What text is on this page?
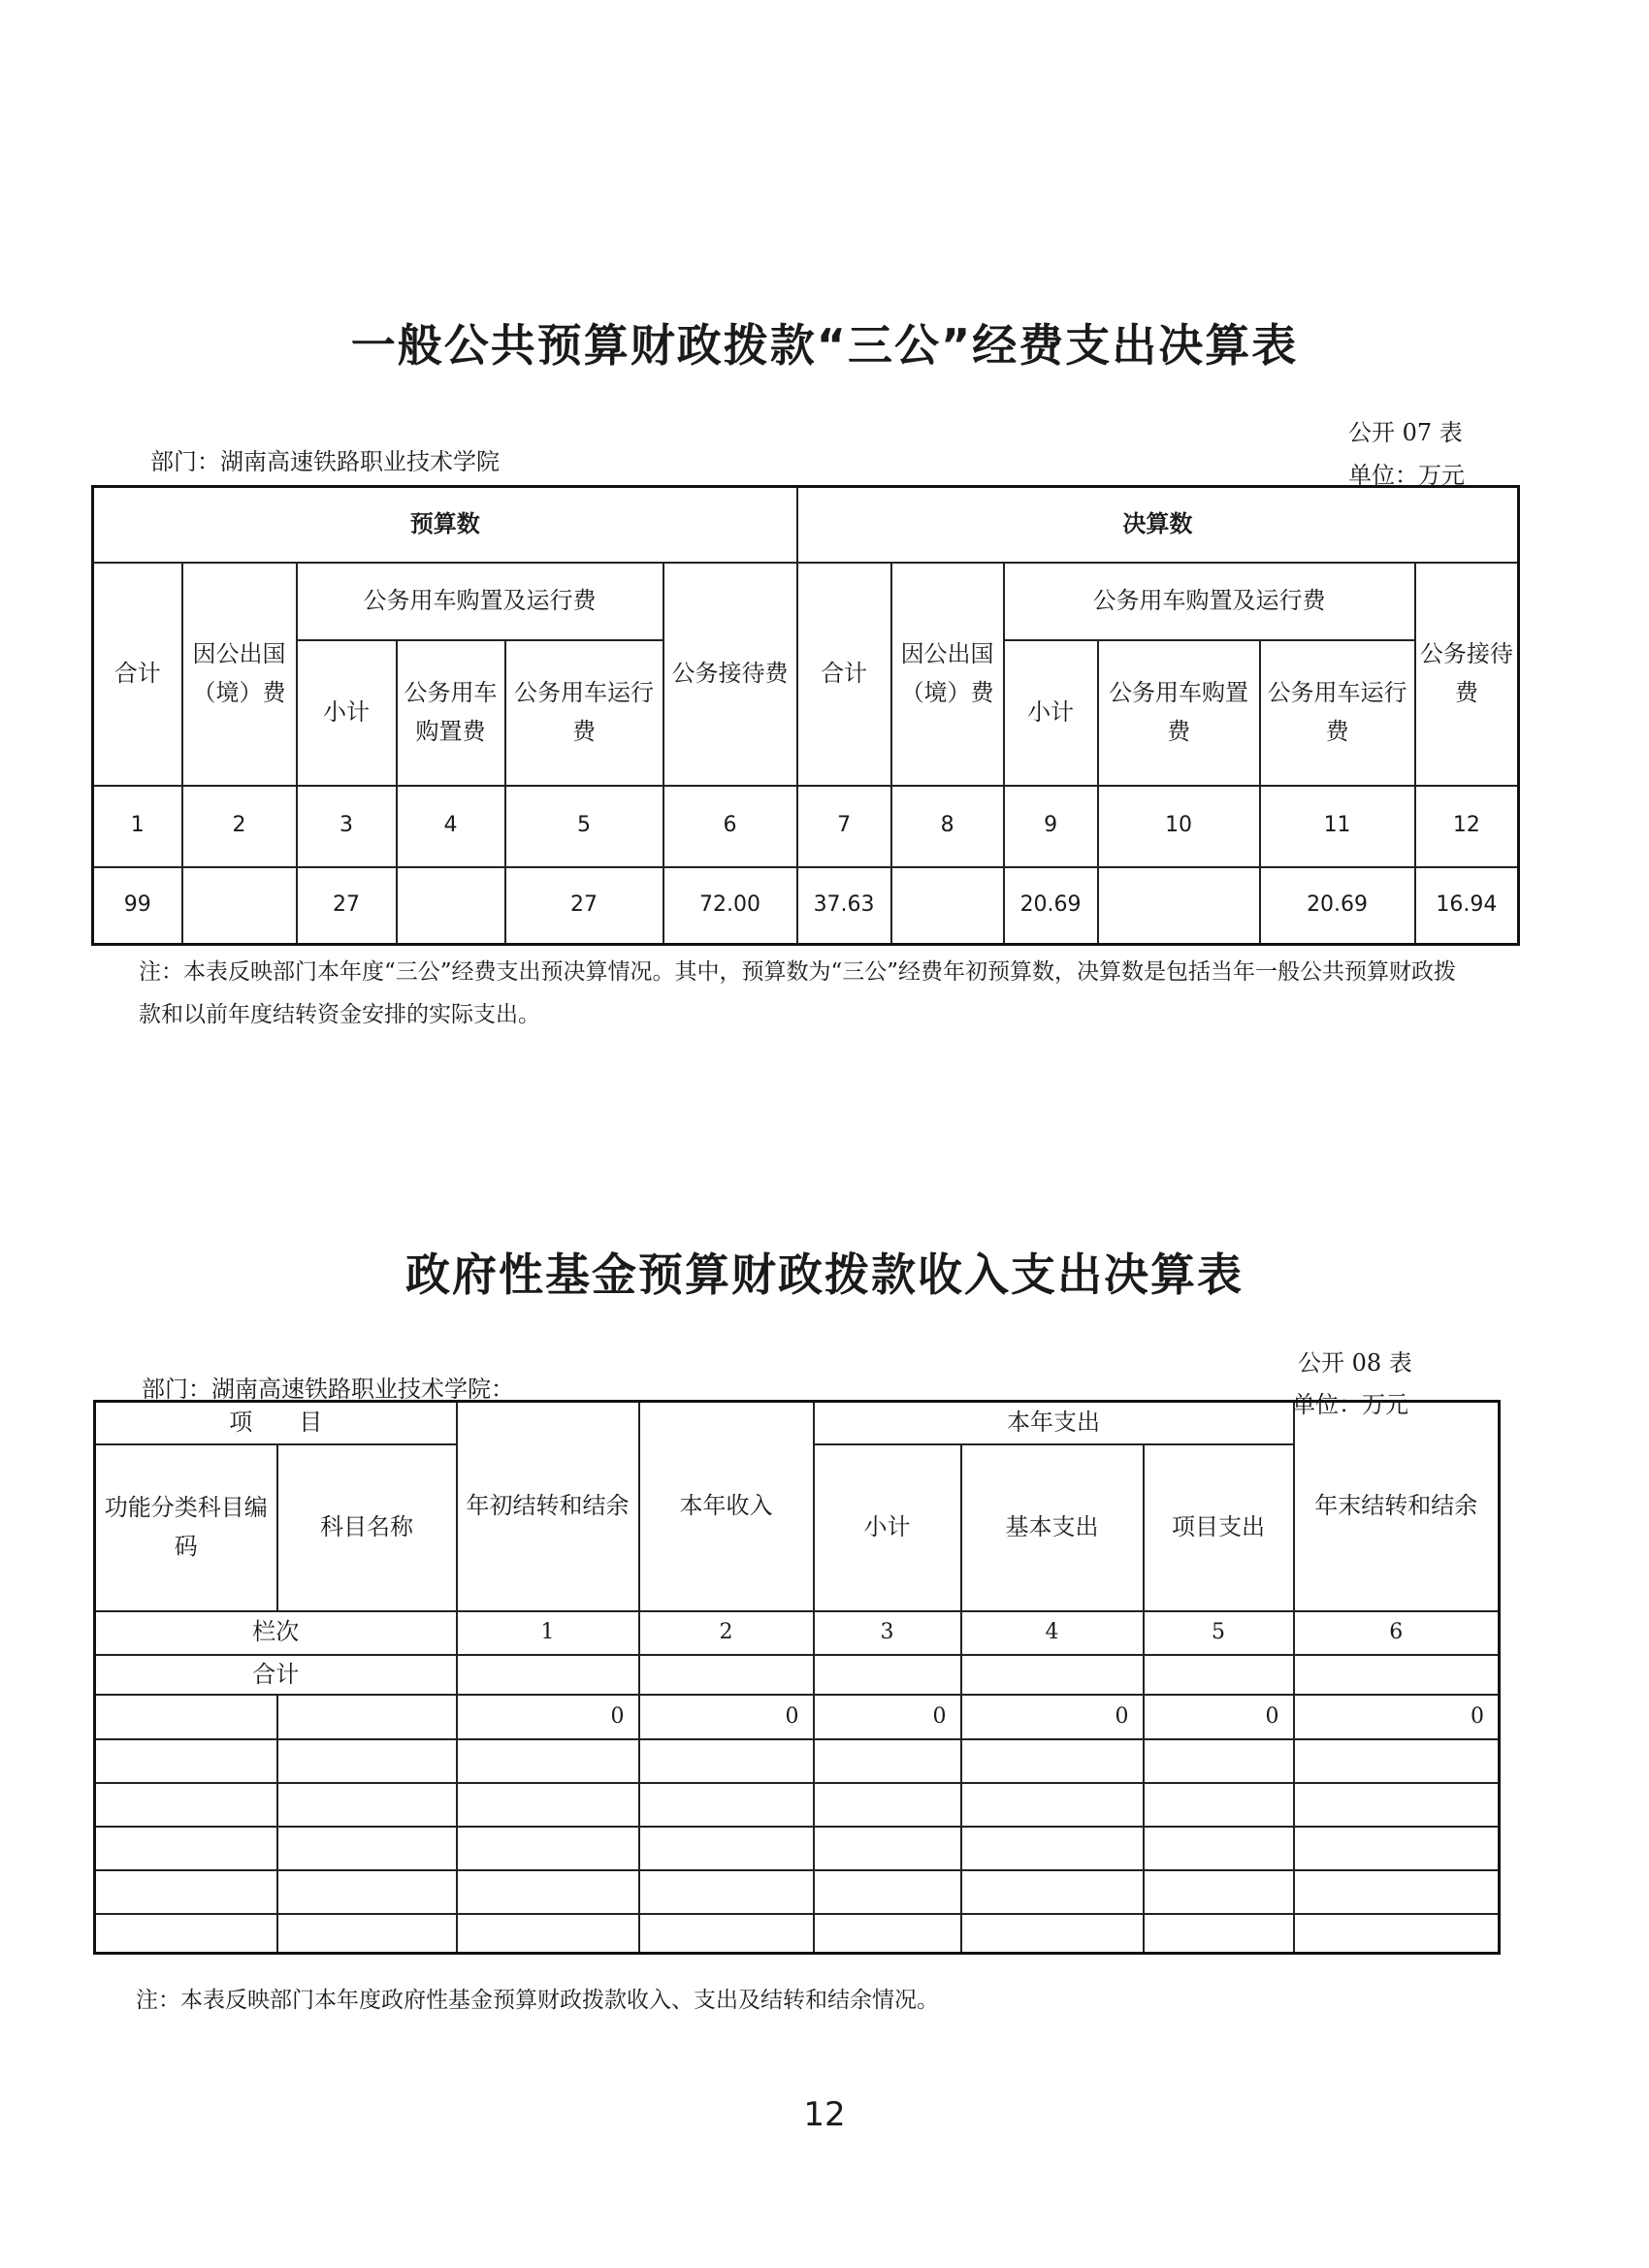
一般公共预算财政拨款“三公”经费支出决算表
公开 07 表
部门：湖南高速铁路职业技术学院	单位：万元
预算数						决算数					
合计	因公出国（境）费	公务用车购置及运行费			公务接待费	合计	因公出国（境）费	公务用车购置及运行费			公务接待费
		小计	公务用车购置费	公务用车运行费				小计	公务用车购置费	公务用车运行费	
1	2	3	4	5	6	7	8	9	10	11	12
99		27		27	72.00	37.63		20.69		20.69	16.94
注：本表反映部门本年度“三公”经费支出预决算情况。其中，预算数为“三公”经费年初预算数，决算数是包括当年一般公共预算财政拨款和以前年度结转资金安排的实际支出。
政府性基金预算财政拨款收入支出决算表
公开 08 表
部门：湖南高速铁路职业技术学院：
单位：万元
项　　目		年初结转和结余	本年收入	本年支出			年末结转和结余
功能分类科目编码	科目名称			小计	基本支出	项目支出	
栏次		1	2	3	4	5	6
合计							
		0	0	0	0	0	0

注：本表反映部门本年度政府性基金预算财政拨款收入、支出及结转和结余情况。
12
